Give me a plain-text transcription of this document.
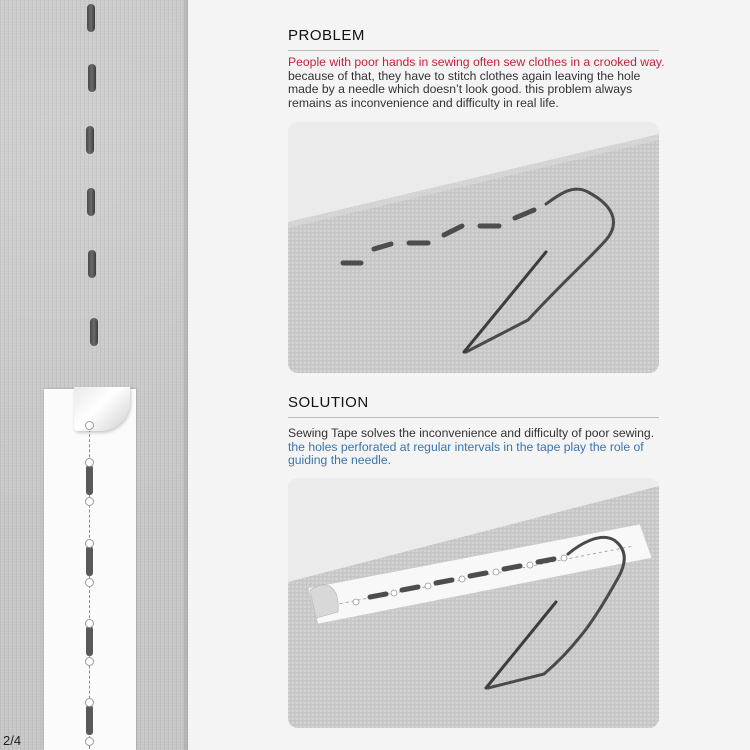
2/4
PROBLEM
People with poor hands in sewing often sew clothes in a crooked way. because of that, they have to stitch clothes again leaving the hole made by a needle which doesn’t look good. this problem always remains as inconvenience and difficulty in real life.
SOLUTION
Sewing Tape solves the inconvenience and difficulty of poor sewing. the holes perforated at regular intervals in the tape play the role of guiding the needle.
